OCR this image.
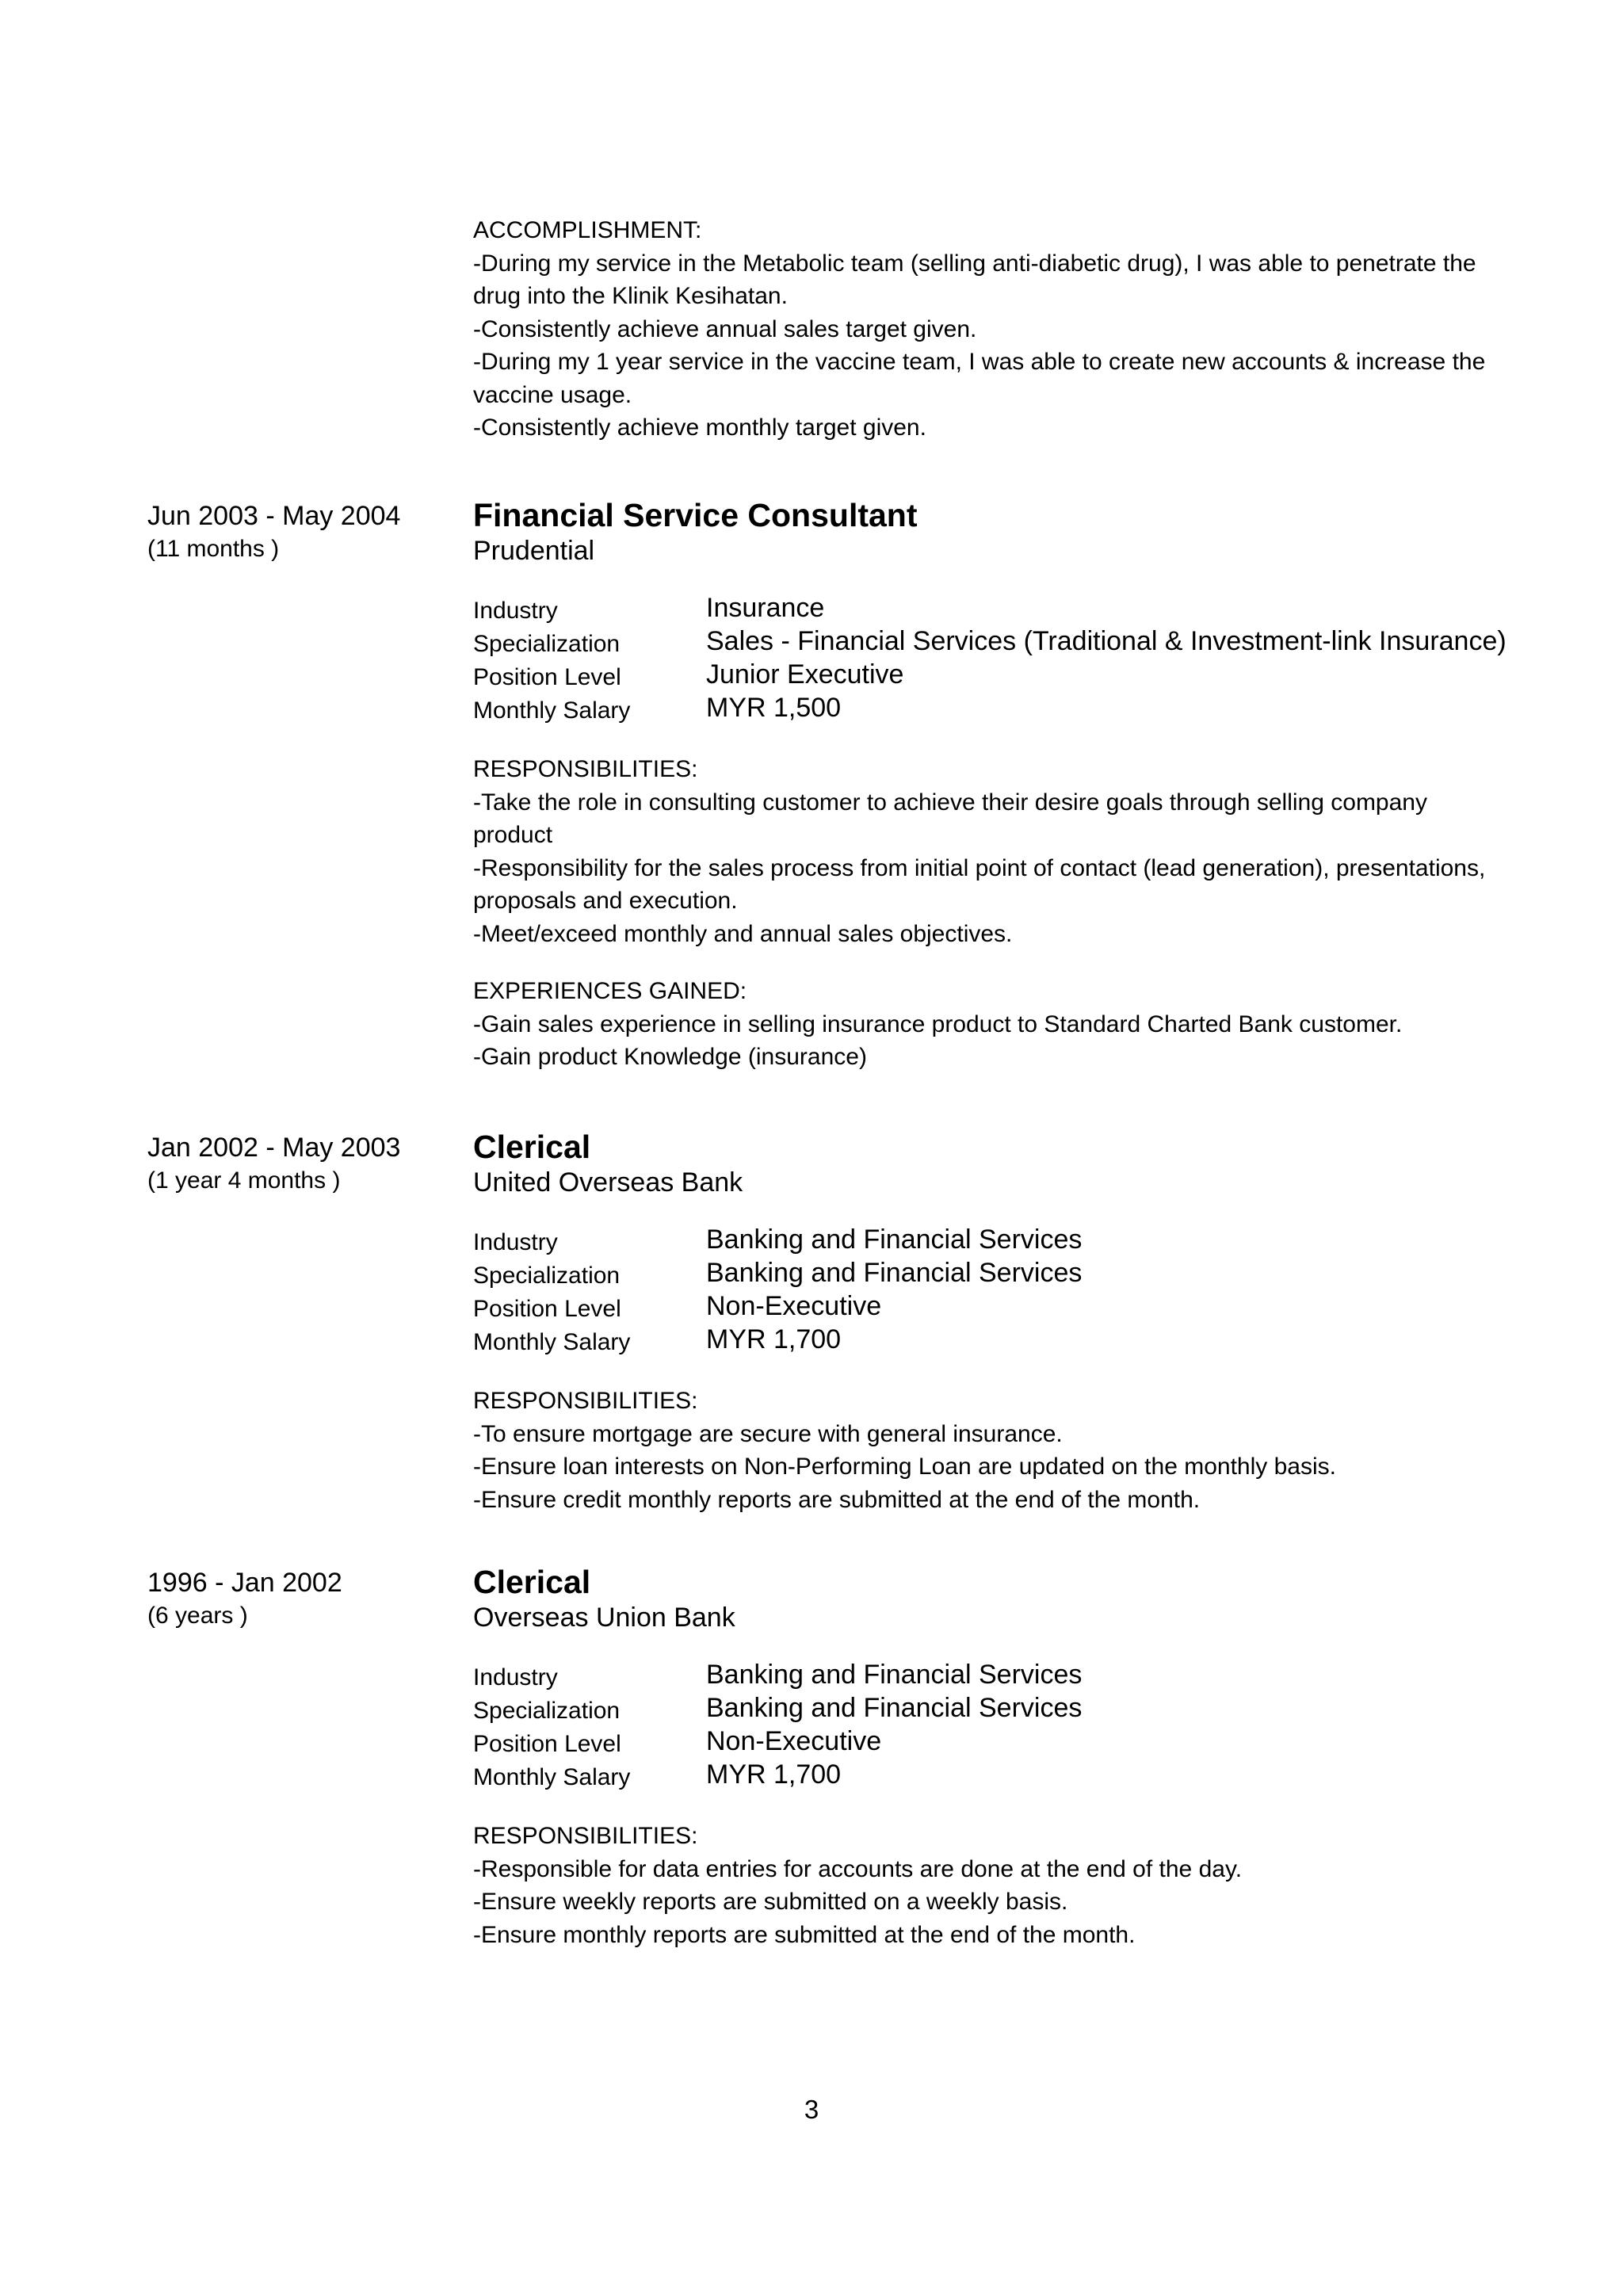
ACCOMPLISHMENT:
-During my service in the Metabolic team (selling anti-diabetic drug), I was able to penetrate the
drug into the Klinik Kesihatan.
-Consistently achieve annual sales target given.
-During my 1 year service in the vaccine team, I was able to create new accounts & increase the
vaccine usage.
-Consistently achieve monthly target given.
Jun 2003 - May 2004
(11 months )
Financial Service Consultant
Prudential
Industry	Insurance
Specialization	Sales - Financial Services (Traditional & Investment-link Insurance)
Position Level	Junior Executive
Monthly Salary	MYR 1,500
RESPONSIBILITIES:
-Take the role in consulting customer to achieve their desire goals through selling company
product
-Responsibility for the sales process from initial point of contact (lead generation), presentations,
proposals and execution.
-Meet/exceed monthly and annual sales objectives.
EXPERIENCES GAINED:
-Gain sales experience in selling insurance product to Standard Charted Bank customer.
-Gain product Knowledge (insurance)
Jan 2002 - May 2003
(1 year 4 months )
Clerical
United Overseas Bank
Industry	Banking and Financial Services
Specialization	Banking and Financial Services
Position Level	Non-Executive
Monthly Salary	MYR 1,700
RESPONSIBILITIES:
-To ensure mortgage are secure with general insurance.
-Ensure loan interests on Non-Performing Loan are updated on the monthly basis.
-Ensure credit monthly reports are submitted at the end of the month.
1996 - Jan 2002
(6 years )
Clerical
Overseas Union Bank
Industry	Banking and Financial Services
Specialization	Banking and Financial Services
Position Level	Non-Executive
Monthly Salary	MYR 1,700
RESPONSIBILITIES:
-Responsible for data entries for accounts are done at the end of the day.
-Ensure weekly reports are submitted on a weekly basis.
-Ensure monthly reports are submitted at the end of the month.
3
